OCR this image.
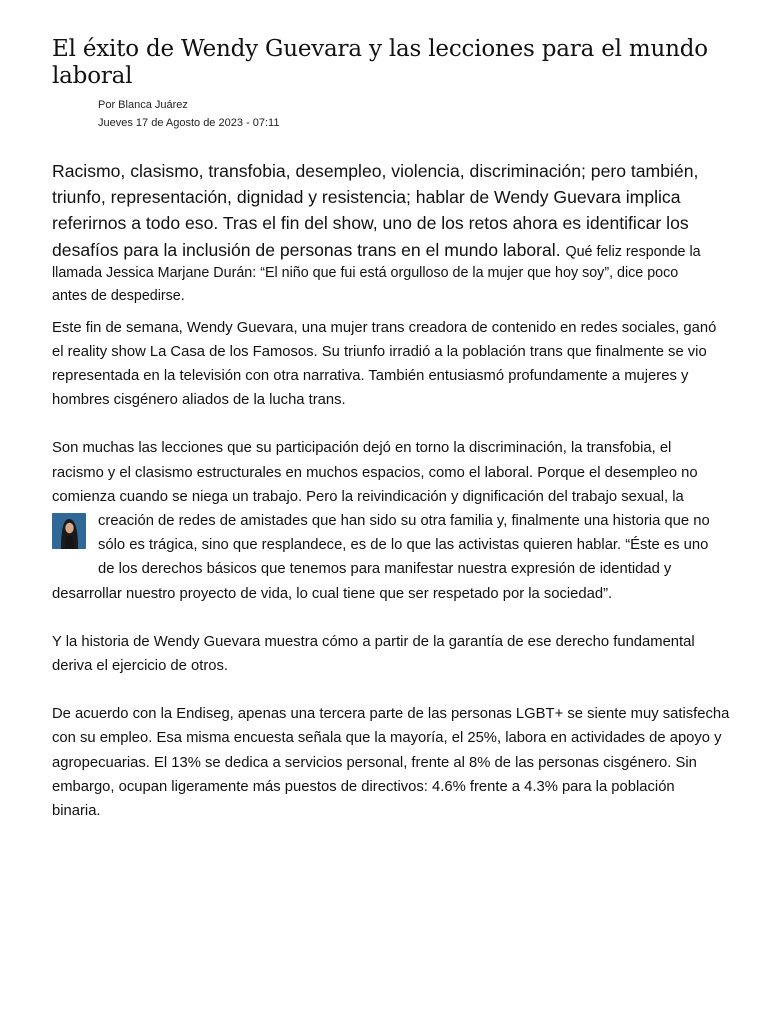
El éxito de Wendy Guevara y las lecciones para el mundo laboral
Por Blanca Juárez
Jueves 17 de Agosto de 2023 - 07:11
Racismo, clasismo, transfobia, desempleo, violencia, discriminación; pero también,
triunfo, representación, dignidad y resistencia; hablar de Wendy Guevara implica
referirnos a todo eso. Tras el fin del show, uno de los retos ahora es identificar los
desafíos para la inclusión de personas trans en el mundo laboral. Qué feliz responde la
llamada Jessica Marjane Durán: “El niño que fui está orgulloso de la mujer que hoy soy”, dice poco
antes de despedirse.
Este fin de semana, Wendy Guevara, una mujer trans creadora de contenido en redes sociales, ganó
el reality show La Casa de los Famosos. Su triunfo irradió a la población trans que finalmente se vio
representada en la televisión con otra narrativa. También entusiasmó profundamente a mujeres y
hombres cisgénero aliados de la lucha trans.
Son muchas las lecciones que su participación dejó en torno la discriminación, la transfobia, el
racismo y el clasismo estructurales en muchos espacios, como el laboral. Porque el desempleo no
comienza cuando se niega un trabajo. Pero la reivindicación y dignificación del trabajo sexual, la
creación de redes de amistades que han sido su otra familia y, finalmente una historia que no
sólo es trágica, sino que resplandece, es de lo que las activistas quieren hablar. “Éste es uno
de los derechos básicos que tenemos para manifestar nuestra expresión de identidad y
desarrollar nuestro proyecto de vida, lo cual tiene que ser respetado por la sociedad”.
Y la historia de Wendy Guevara muestra cómo a partir de la garantía de ese derecho fundamental
deriva el ejercicio de otros.
De acuerdo con la Endiseg, apenas una tercera parte de las personas LGBT+ se siente muy satisfecha
con su empleo. Esa misma encuesta señala que la mayoría, el 25%, labora en actividades de apoyo y
agropecuarias. El 13% se dedica a servicios personal, frente al 8% de las personas cisgénero. Sin
embargo, ocupan ligeramente más puestos de directivos: 4.6% frente a 4.3% para la población
binaria.
